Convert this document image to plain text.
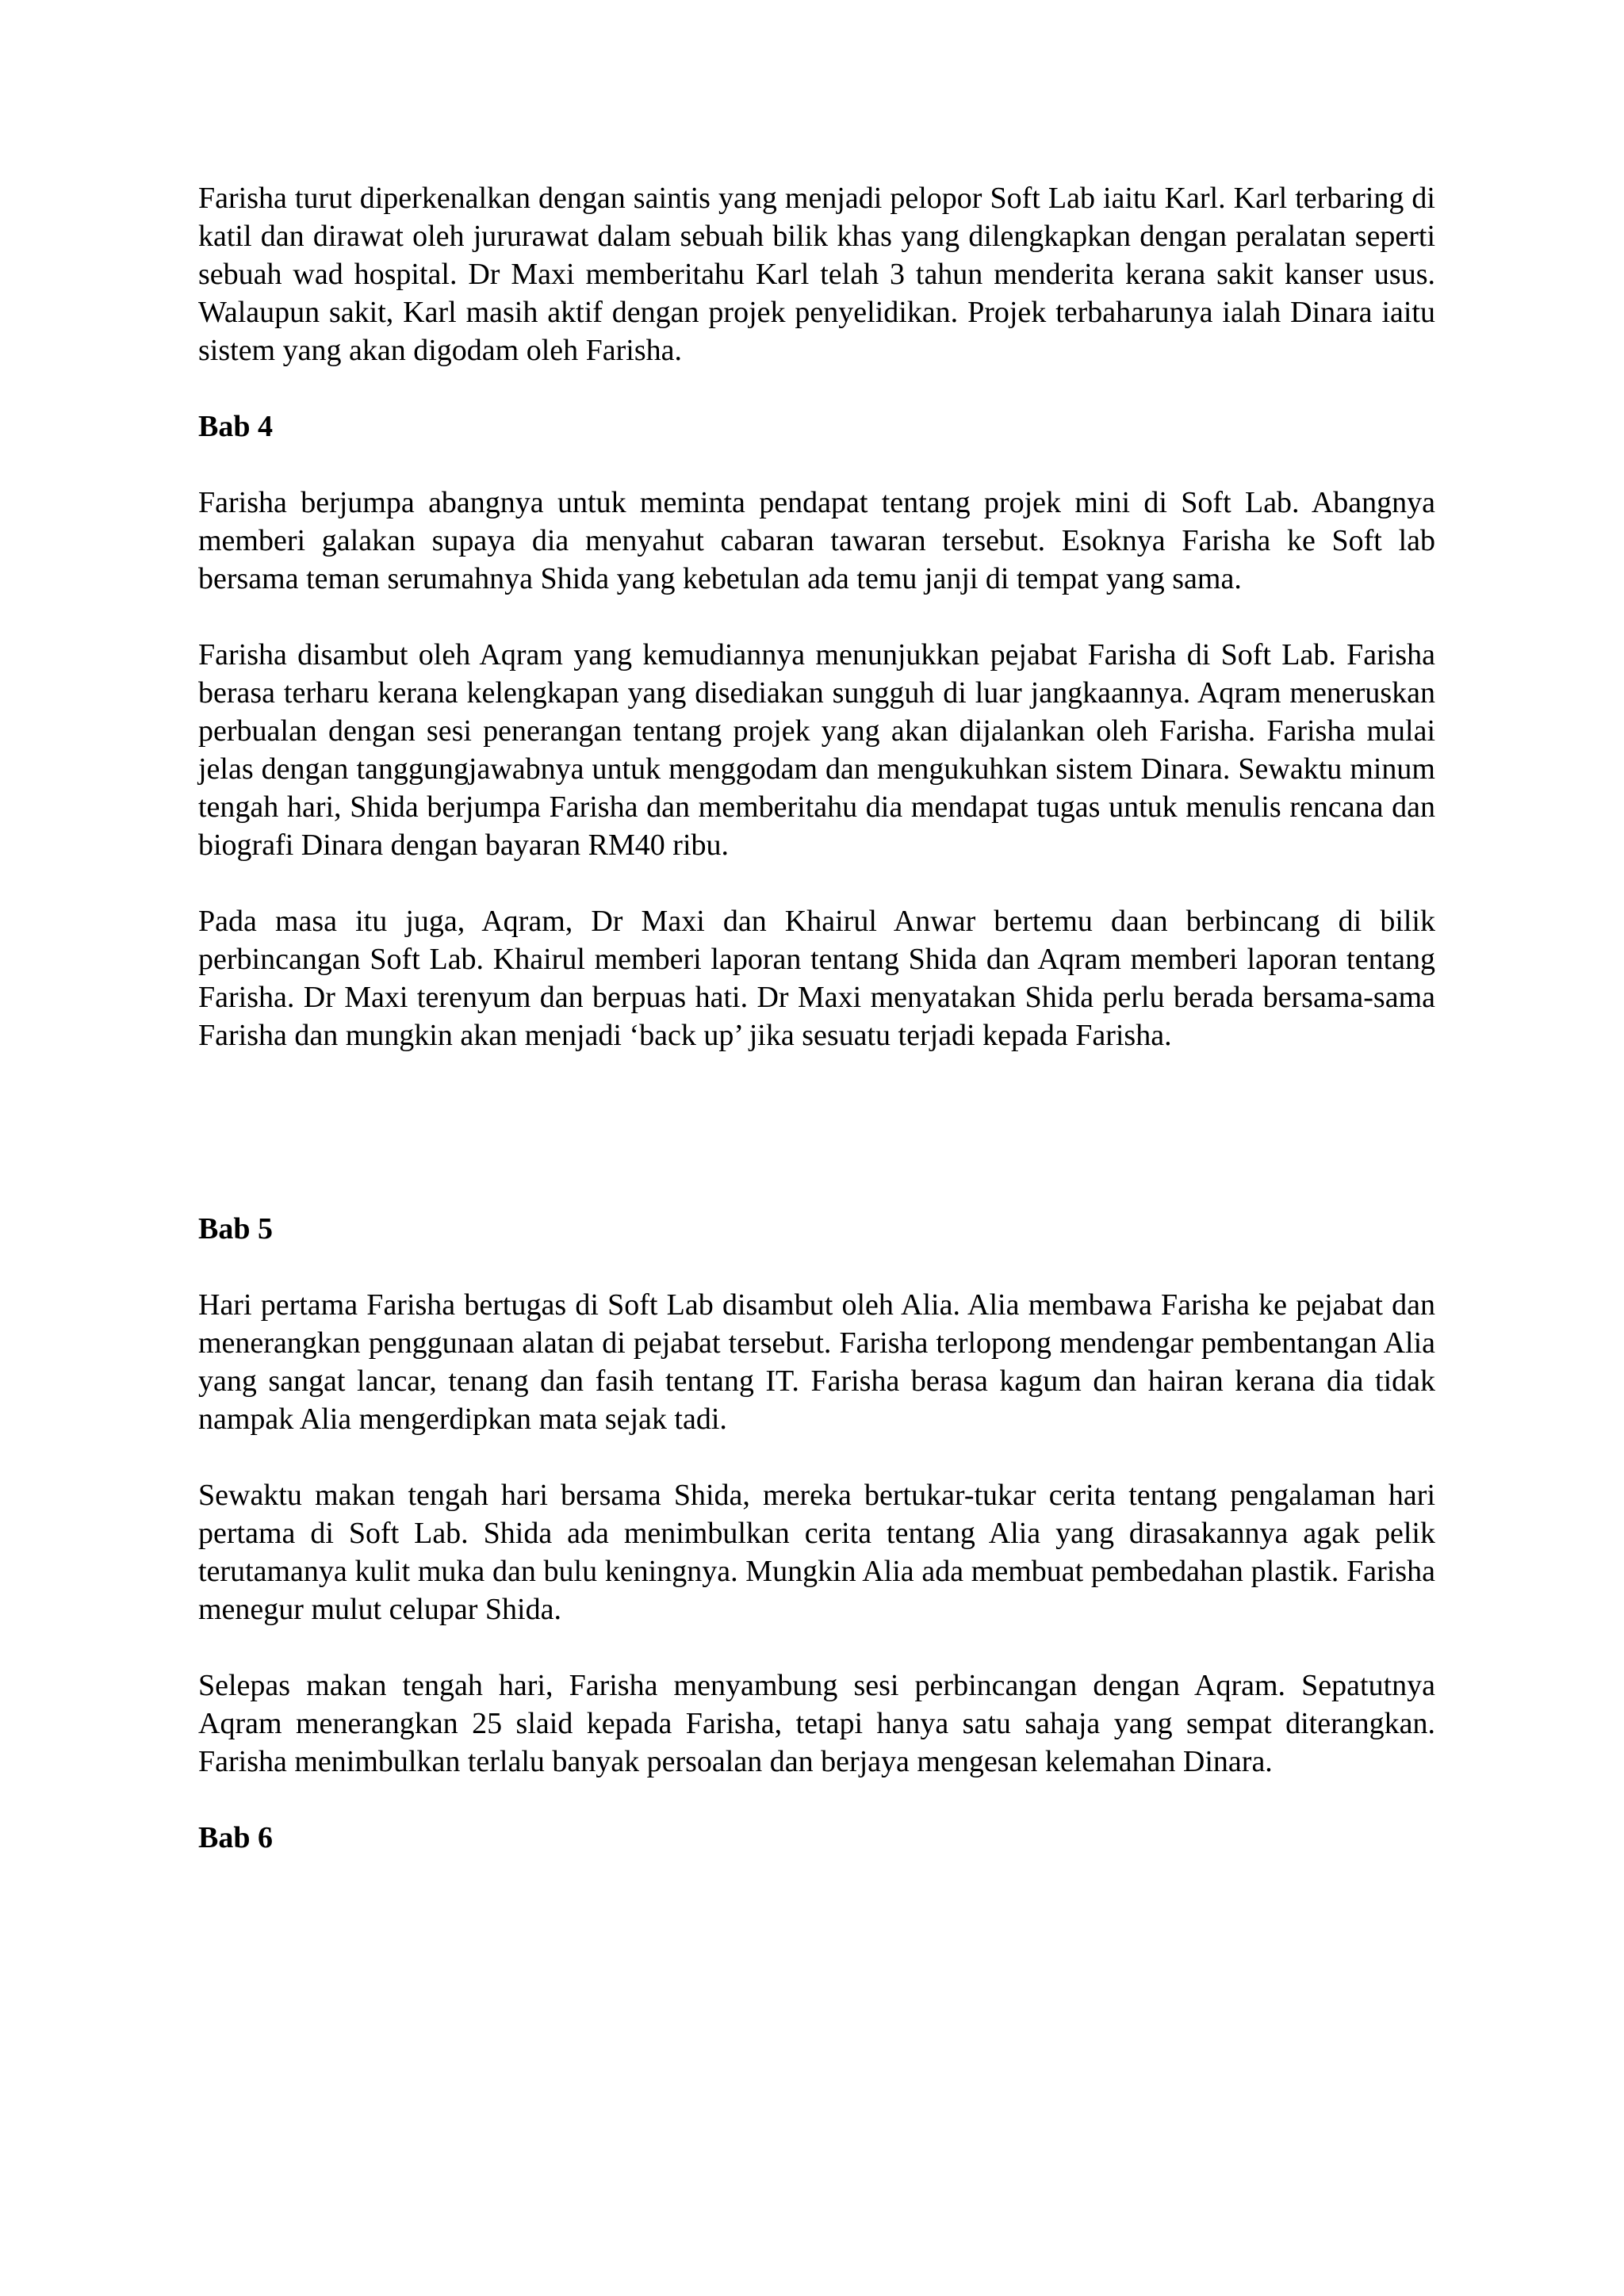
Farisha turut diperkenalkan dengan saintis yang menjadi pelopor Soft Lab iaitu Karl. Karl terbaring di katil dan dirawat oleh jururawat dalam sebuah bilik khas yang dilengkapkan dengan peralatan seperti sebuah wad hospital. Dr Maxi memberitahu Karl telah 3 tahun menderita kerana sakit kanser usus. Walaupun sakit, Karl masih aktif dengan projek penyelidikan. Projek terbaharunya ialah Dinara iaitu sistem yang akan digodam oleh Farisha.

Bab 4

Farisha berjumpa abangnya untuk meminta pendapat tentang projek mini di Soft Lab. Abangnya memberi galakan supaya dia menyahut cabaran tawaran tersebut. Esoknya Farisha ke Soft lab bersama teman serumahnya Shida yang kebetulan ada temu janji di tempat yang sama.

Farisha disambut oleh Aqram yang kemudiannya menunjukkan pejabat Farisha di Soft Lab. Farisha berasa terharu kerana kelengkapan yang disediakan sungguh di luar jangkaannya. Aqram meneruskan perbualan dengan sesi penerangan tentang projek yang akan dijalankan oleh Farisha. Farisha mulai jelas dengan tanggungjawabnya untuk menggodam dan mengukuhkan sistem Dinara. Sewaktu minum tengah hari, Shida berjumpa Farisha dan memberitahu dia mendapat tugas untuk menulis rencana dan biografi Dinara dengan bayaran RM40 ribu.

Pada masa itu juga, Aqram, Dr Maxi dan Khairul Anwar bertemu daan berbincang di bilik perbincangan Soft Lab. Khairul memberi laporan tentang Shida dan Aqram memberi laporan tentang Farisha. Dr Maxi terenyum dan berpuas hati. Dr Maxi menyatakan Shida perlu berada bersama-sama Farisha dan mungkin akan menjadi ‘back up’ jika sesuatu terjadi kepada Farisha.

Bab 5

Hari pertama Farisha bertugas di Soft Lab disambut oleh Alia. Alia membawa Farisha ke pejabat dan menerangkan penggunaan alatan di pejabat tersebut. Farisha terlopong mendengar pembentangan Alia yang sangat lancar, tenang dan fasih tentang IT. Farisha berasa kagum dan hairan kerana dia tidak nampak Alia mengerdipkan mata sejak tadi.

Sewaktu makan tengah hari bersama Shida, mereka bertukar-tukar cerita tentang pengalaman hari pertama di Soft Lab. Shida ada menimbulkan cerita tentang Alia yang dirasakannya agak pelik terutamanya kulit muka dan bulu keningnya. Mungkin Alia ada membuat pembedahan plastik. Farisha menegur mulut celupar Shida.

Selepas makan tengah hari, Farisha menyambung sesi perbincangan dengan Aqram. Sepatutnya Aqram menerangkan 25 slaid kepada Farisha, tetapi hanya satu sahaja yang sempat diterangkan. Farisha menimbulkan terlalu banyak persoalan dan berjaya mengesan kelemahan Dinara.

Bab 6
